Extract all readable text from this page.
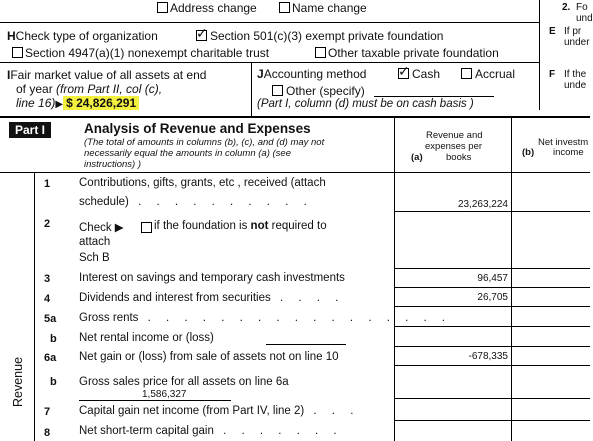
Address change	Name change	2. Fo
und
E If pr
under
F If the
unde
HCheck type of organization ✓	Section 501(c)(3) exempt private foundation
Section 4947(a)(1) nonexempt charitable trust	Other taxable private foundation
IFair market value of all assets at end
of year (from Part II, col (c),
line 16)▶ $ 24,826,291
JAccounting method ✓	Cash	Accrual
Other (specify)
(Part I, column (d) must be on cash basis )
Part I	Analysis of Revenue and Expenses
(The total of amounts in columns (b), (c), and (d) may not
necessarily equal the amounts in column (a) (see
instructions) )
Revenue and
expenses per
(a) books
Net investm
(b) income
Revenue
1	Contributions, gifts, grants, etc , received (attach
schedule) . . . . . . . . . .	23,263,224
2	Check ▶	if the foundation is not required to
attach
Sch B
3	Interest on savings and temporary cash investments	96,457
4	Dividends and interest from securities . . . .	26,705
5a Gross rents . . . . . . . . . . . . . . . . .
b Net rental income or (loss)
6a Net gain or (loss) from sale of assets not on line 10	-678,335
b Gross sales price for all assets on line 6a
1,586,327
7	Capital gain net income (from Part IV, line 2) . . .
8	Net short-term capital gain . . . . . . .
